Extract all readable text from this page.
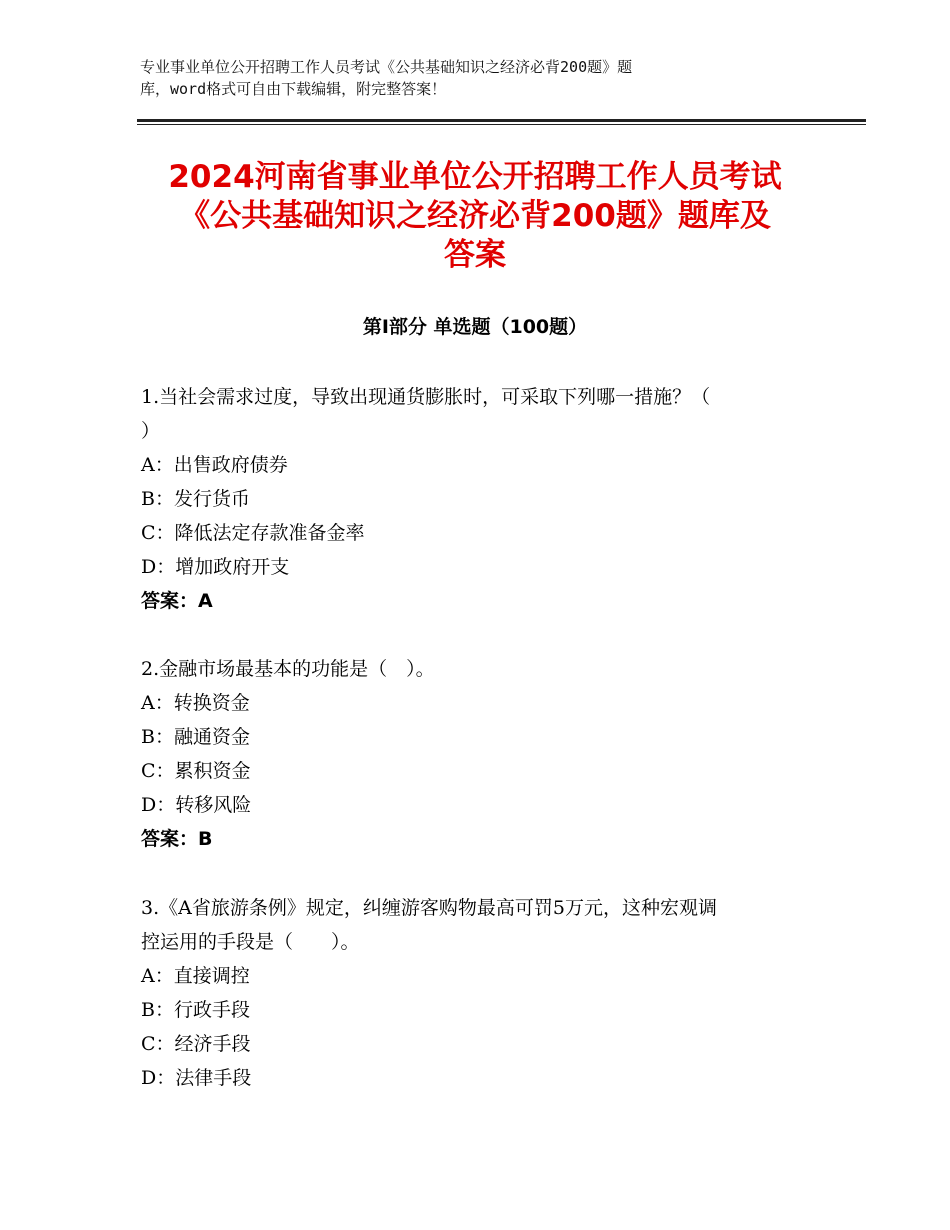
专业事业单位公开招聘工作人员考试《公共基础知识之经济必背200题》题
库，word格式可自由下载编辑，附完整答案！
2024河南省事业单位公开招聘工作人员考试
《公共基础知识之经济必背200题》题库及
答案
第Ⅰ部分 单选题（100题）
1.当社会需求过度，导致出现通货膨胀时，可采取下列哪一措施？（
）
A：出售政府债券
B：发行货币
C：降低法定存款准备金率
D：增加政府开支
答案：A
2.金融市场最基本的功能是（　）。
A：转换资金
B：融通资金
C：累积资金
D：转移风险
答案：B
3.《A省旅游条例》规定，纠缠游客购物最高可罚5万元，这种宏观调
控运用的手段是（　　）。
A：直接调控
B：行政手段
C：经济手段
D：法律手段
